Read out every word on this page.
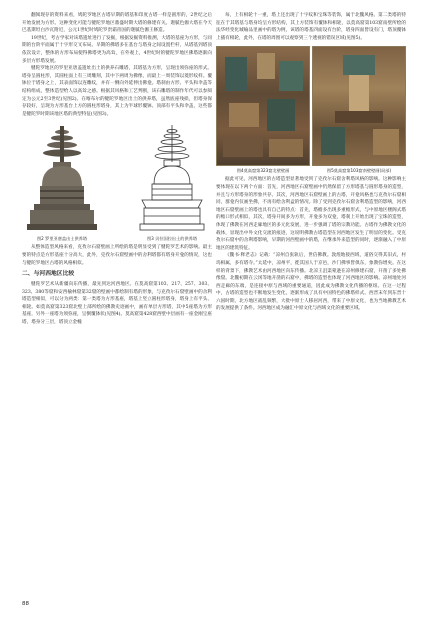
翻阅现存的资料来看，鸠陀罗地区古塔早期的塔基和印度古塔一样是圆形的，2世纪之后开始发展为方形。这种变化可能与犍陀罗地区鼎盛时期大塔的修建有关。迦腻色伽大塔在今天巴基斯坦白沙瓦附近，公元1世纪时鸠陀罗贵霜帝国的迦腻色伽王修造。

19世纪，考古学家对该塔遗址进行了发掘，根据发掘资料推测，大塔的基座为方形，与同期的台阶平面属于十字形交叉布局。早期的佛塔多在基台与塔身之间设置栏杆，从塔基到塔顶依次设计，整体的方形布局使得佛塔更为高耸，在外观上，4世纪时的犍陀罗地区佛塔逐渐向多层方形塔发展。

犍陀罗地区的罗里亚唐盖遗址出土的供养石雕塔，其塔基为方形，呈现出须弥座的形式。塔身呈圆柱形，其圆柱面上有三周雕刻，其中下两周为佛像，而最上一周装饰以菱形纹样。覆钵位于塔身之上，其表面饰以连雕纹，并有一侧向外延伸出佛龛。塔刹由方形、平头和伞盖等结构组成，整体造型给人以高耸之感。根据其风格和工艺判断，该石雕塔的制作年代可以参阅定为公元2至3世纪(见图2)。在喀布尔的犍陀罗地区出土的供养塔，虽然底座残损，但塔身保存较好，呈现为方形基台上方的圆柱形塔身，其上为半球形覆钵、顶部有平头和伞盖，这些都是犍陀罗时期该地区塔的典型特征(见图3)。

图2 罗里亚唐盖出土供养塔	图3 贝拉国拉出土的供养塔

从整体造型风格来看，克孜尔石窟壁画上所绘的塔是明显受到了犍陀罗艺术的影响。最主要的特点是方形基座十分高大，此外，克孜尔石窟壁画中的舍利塔都有塔身开龛的情况，这也与犍陀罗地区古塔的风格相似。

二、与河西地区比较

犍陀罗艺术从新疆向东传播，最先到达河西地区。在莫高窟第103、217、257、303、323、380等窟和安西榆林窟第32窟的壁画中都绘制有塔的形象，与克孜尔石窟壁画中的舍利塔造型相似，可以分为两类：第一类塔为方形基座，塔基上竖立圆柱形塔身，塔身上有平头、相轮。如莫高窟第323窟北壁上部所绘的佛教史迹画中，画有单层方形塔，其中5座塔为方形基座，另外一座塔为须弥座，呈倒覆钵状(见图4)。莫高窟第428窟西壁中层画有一座金刚宝座塔，塔身分三层，塔顶立金幢

每，上有相轮十一重，塔上还出现了十字纹和宝珠等装饰，属于北魏风格。第二类塔的特征在于其塔基与塔身均呈方形结构，其上方装饰有覆钵和相轮，以莫高窟第103窟南壁所绘的法华经变化城喻品里画中的塔为例，该塔的塔基四面设有台阶，塔身四面皆设有门，塔顶覆钵上插有相轮，此外，在塔的周围可以观察到三个透视的错误区域(见图5)。

图4莫高窟第323窟北壁壁画	图5莫高窟第103窟南壁壁画(局部)

据此可见，河西地区的古塔造型显著地受到了克孜尔石窟舍利塔风格的影响。这种影响主要体现在以下两个方面：首先，河西地区石窟壁画中仍然保留了方形塔基与圆形塔身的造型，并且与方形塔身的形象共存。其次，河西地区石窟壁画上的古塔，开龛风格也与克孜尔石窟相同，群龛内仅画坐佛，不再有绘舍利盒的情况。除了受到克孜尔石窟舍利塔造型的影响，河西地区石窟壁画上的塔也具有自己的特点：首先，塔檐多出现多重檐形式，与中原地区楼阁式塔的檐口形式相似，其次，塔身开间多为方形，开龛多为双龛，塔刹上开始出现了宝珠的造型，体现了佛教在河西走廊地区的多元化发展，进一步强调了塔的宗教功能。古塔作为佛教文化的载体，显现出中外文化交流的痕迹，这说明佛教古塔造型在河西地区发生了明显的变化。受克孜尔石窟中的舍利塔影响，早期的河西壁画中的塔，在继承外来造型的同时，逐渐融入了中原地区的建筑特征。

《魏书·释老志》记载：“凉州自张轨后，世信佛教。敦煌地接西域，道俗交得其旧式，村坞相属，多有塔寺。”太延中，凉州平，徙其国人于京邑，沙门佛事皆俱东，象教弥增矣。在这样的背景下，佛教艺术由河西地区向东传播。北凉王沮渠蒙逊在凉州修建石窟，开凿了多处佛像窟。北魏初期在云冈等地开凿的石窟中，佛塔的造型也体现了河西地区的影响。凉州地处河西走廊的东端，是连接中原与西域的重要通道，因此成为佛教文化传播的枢纽。在这一过程中，古塔的造型也不断地发生变化，逐渐形成了具有中国特色的佛塔样式。西晋末年到东晋十六国时期，北方地区战乱频繁，大批中原士人移居河西，带来了中原文化，也为当地佛教艺术的发展提供了条件。河西地区成为融汇中原文化与西域文化的重要区域。

88
